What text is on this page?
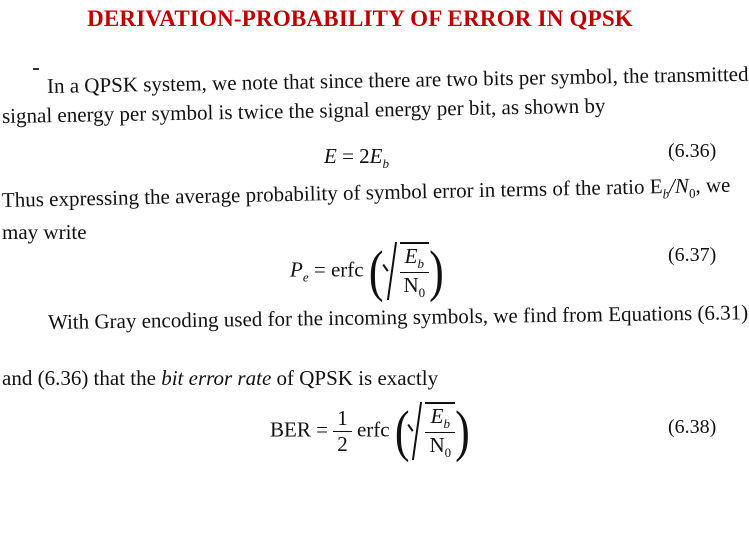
DERIVATION-PROBABILITY OF ERROR IN QPSK
In a QPSK system, we note that since there are two bits per symbol, the transmitted
signal energy per symbol is twice the signal energy per bit, as shown by
$E = 2E_b$
(6.36)
Thus expressing the average probability of symbol error in terms of the ratio $E_b/N_0$, we
may write
$P_e$ = erfc ( $\frac{E_b}{N_0}$ )	(6.37)
With Gray encoding used for the incoming symbols, we find from Equations (6.31)
and (6.36) that the bit error rate of QPSK is exactly
BER = $\frac{1}{2}$ erfc ( $\frac{E_b}{N_0}$ )	(6.38)
